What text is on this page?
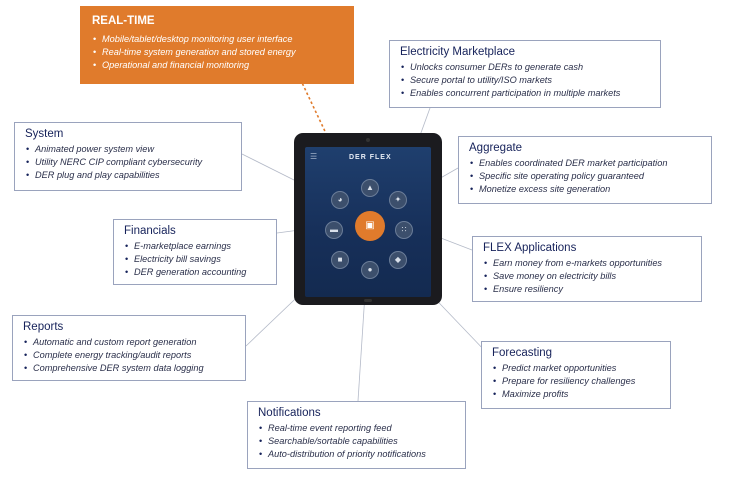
REAL-TIME
• Mobile/tablet/desktop monitoring user interface
• Real-time system generation and stored energy
• Operational and financial monitoring
Electricity Marketplace
• Unlocks consumer DERs to generate cash
• Secure portal to utility/ISO markets
• Enables concurrent participation in multiple markets
System
• Animated power system view
• Utility NERC CIP compliant cybersecurity
• DER plug and play capabilities
Aggregate
• Enables coordinated DER market participation
• Specific site operating policy guaranteed
• Monetize excess site generation
Financials
• E-marketplace earnings
• Electricity bill savings
• DER generation accounting
FLEX Applications
• Earn money from e-markets opportunities
• Save money on electricity bills
• Ensure resiliency
Reports
• Automatic and custom report generation
• Complete energy tracking/audit reports
• Comprehensive DER system data logging
Forecasting
• Predict market opportunities
• Prepare for resiliency challenges
• Maximize profits
Notifications
• Real-time event reporting feed
• Searchable/sortable capabilities
• Auto-distribution of priority notifications
☰	DER FLEX
◕
▲
✦
▬	∷
■
●
◆
▣
